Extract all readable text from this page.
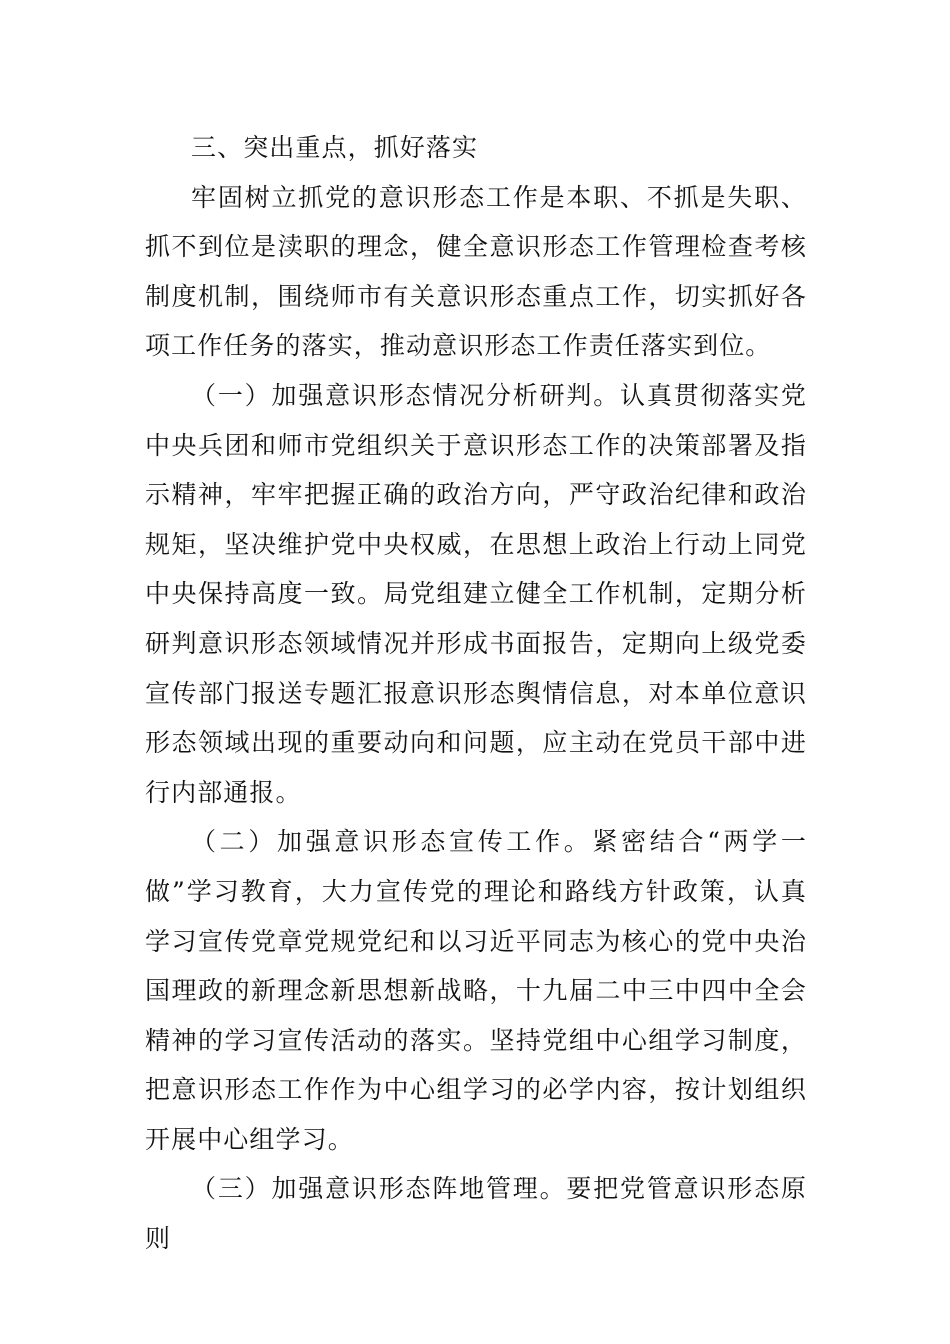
三、突出重点，抓好落实

牢固树立抓党的意识形态工作是本职、不抓是失职、抓不到位是渎职的理念，健全意识形态工作管理检查考核制度机制，围绕师市有关意识形态重点工作，切实抓好各项工作任务的落实，推动意识形态工作责任落实到位。

（一）加强意识形态情况分析研判。认真贯彻落实党中央兵团和师市党组织关于意识形态工作的决策部署及指示精神，牢牢把握正确的政治方向，严守政治纪律和政治规矩，坚决维护党中央权威，在思想上政治上行动上同党中央保持高度一致。局党组建立健全工作机制，定期分析研判意识形态领域情况并形成书面报告，定期向上级党委宣传部门报送专题汇报意识形态舆情信息，对本单位意识形态领域出现的重要动向和问题，应主动在党员干部中进行内部通报。

（二）加强意识形态宣传工作。紧密结合“两学一做”学习教育，大力宣传党的理论和路线方针政策，认真学习宣传党章党规党纪和以习近平同志为核心的党中央治国理政的新理念新思想新战略，十九届二中三中四中全会精神的学习宣传活动的落实。坚持党组中心组学习制度，把意识形态工作作为中心组学习的必学内容，按计划组织开展中心组学习。

（三）加强意识形态阵地管理。要把党管意识形态原则
